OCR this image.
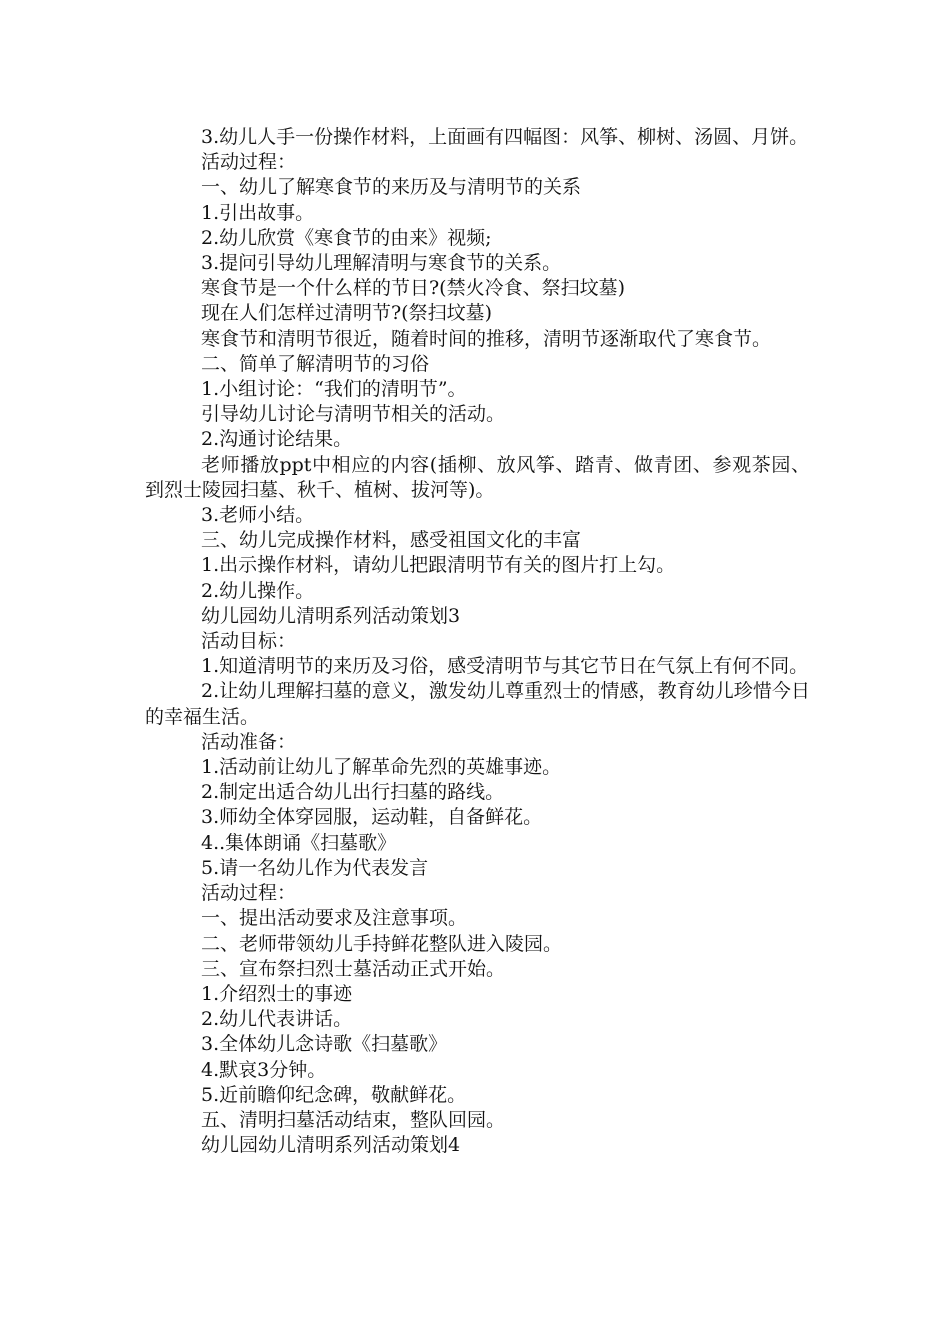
3.幼儿人手一份操作材料，上面画有四幅图：风筝、柳树、汤圆、月饼。

活动过程：

一、幼儿了解寒食节的来历及与清明节的关系

1.引出故事。

2.幼儿欣赏《寒食节的由来》视频;

3.提问引导幼儿理解清明与寒食节的关系。

寒食节是一个什么样的节日?(禁火冷食、祭扫坟墓)

现在人们怎样过清明节?(祭扫坟墓)

寒食节和清明节很近，随着时间的推移，清明节逐渐取代了寒食节。

二、简单了解清明节的习俗

1.小组讨论：“我们的清明节”。

引导幼儿讨论与清明节相关的活动。

2.沟通讨论结果。

老师播放ppt中相应的内容(插柳、放风筝、踏青、做青团、参观茶园、到烈士陵园扫墓、秋千、植树、拔河等)。

3.老师小结。

三、幼儿完成操作材料，感受祖国文化的丰富

1.出示操作材料，请幼儿把跟清明节有关的图片打上勾。

2.幼儿操作。

幼儿园幼儿清明系列活动策划3

活动目标：

1.知道清明节的来历及习俗，感受清明节与其它节日在气氛上有何不同。

2.让幼儿理解扫墓的意义，激发幼儿尊重烈士的情感，教育幼儿珍惜今日的幸福生活。

活动准备：

1.活动前让幼儿了解革命先烈的英雄事迹。

2.制定出适合幼儿出行扫墓的路线。

3.师幼全体穿园服，运动鞋，自备鲜花。

4..集体朗诵《扫墓歌》

5.请一名幼儿作为代表发言

活动过程：

一、提出活动要求及注意事项。

二、老师带领幼儿手持鲜花整队进入陵园。

三、宣布祭扫烈士墓活动正式开始。

1.介绍烈士的事迹

2.幼儿代表讲话。

3.全体幼儿念诗歌《扫墓歌》

4.默哀3分钟。

5.近前瞻仰纪念碑，敬献鲜花。

五、清明扫墓活动结束，整队回园。

幼儿园幼儿清明系列活动策划4
